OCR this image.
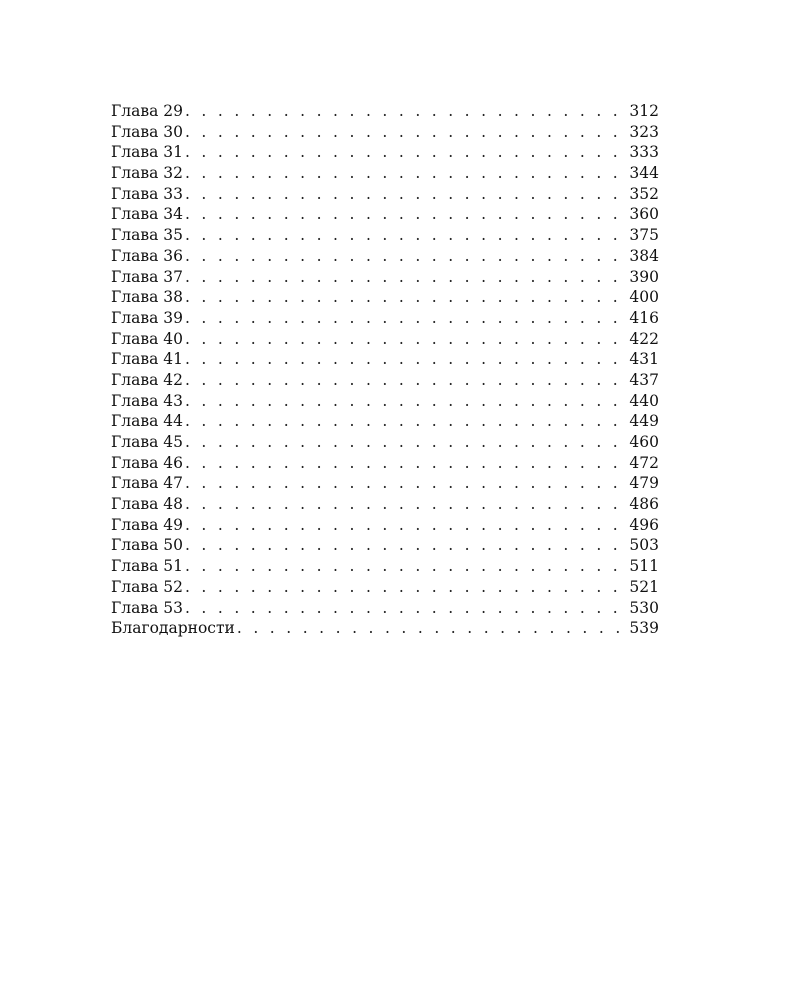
Глава 29 . . .	312
Глава 30 . . .	323
Глава 31 . . .	333
Глава 32 . . .	344
Глава 33 . . .	352
Глава 34 . . .	360
Глава 35 . . .	375
Глава 36 . . .	384
Глава 37 . . .	390
Глава 38 . . .	400
Глава 39 . . .	416
Глава 40 . . .	422
Глава 41 . . .	431
Глава 42 . . .	437
Глава 43 . . .	440
Глава 44 . . .	449
Глава 45 . . .	460
Глава 46 . . .	472
Глава 47 . . .	479
Глава 48 . . .	486
Глава 49 . . .	496
Глава 50 . . .	503
Глава 51 . . .	511
Глава 52 . . .	521
Глава 53 . . .	530
Благодарности . . .	539
